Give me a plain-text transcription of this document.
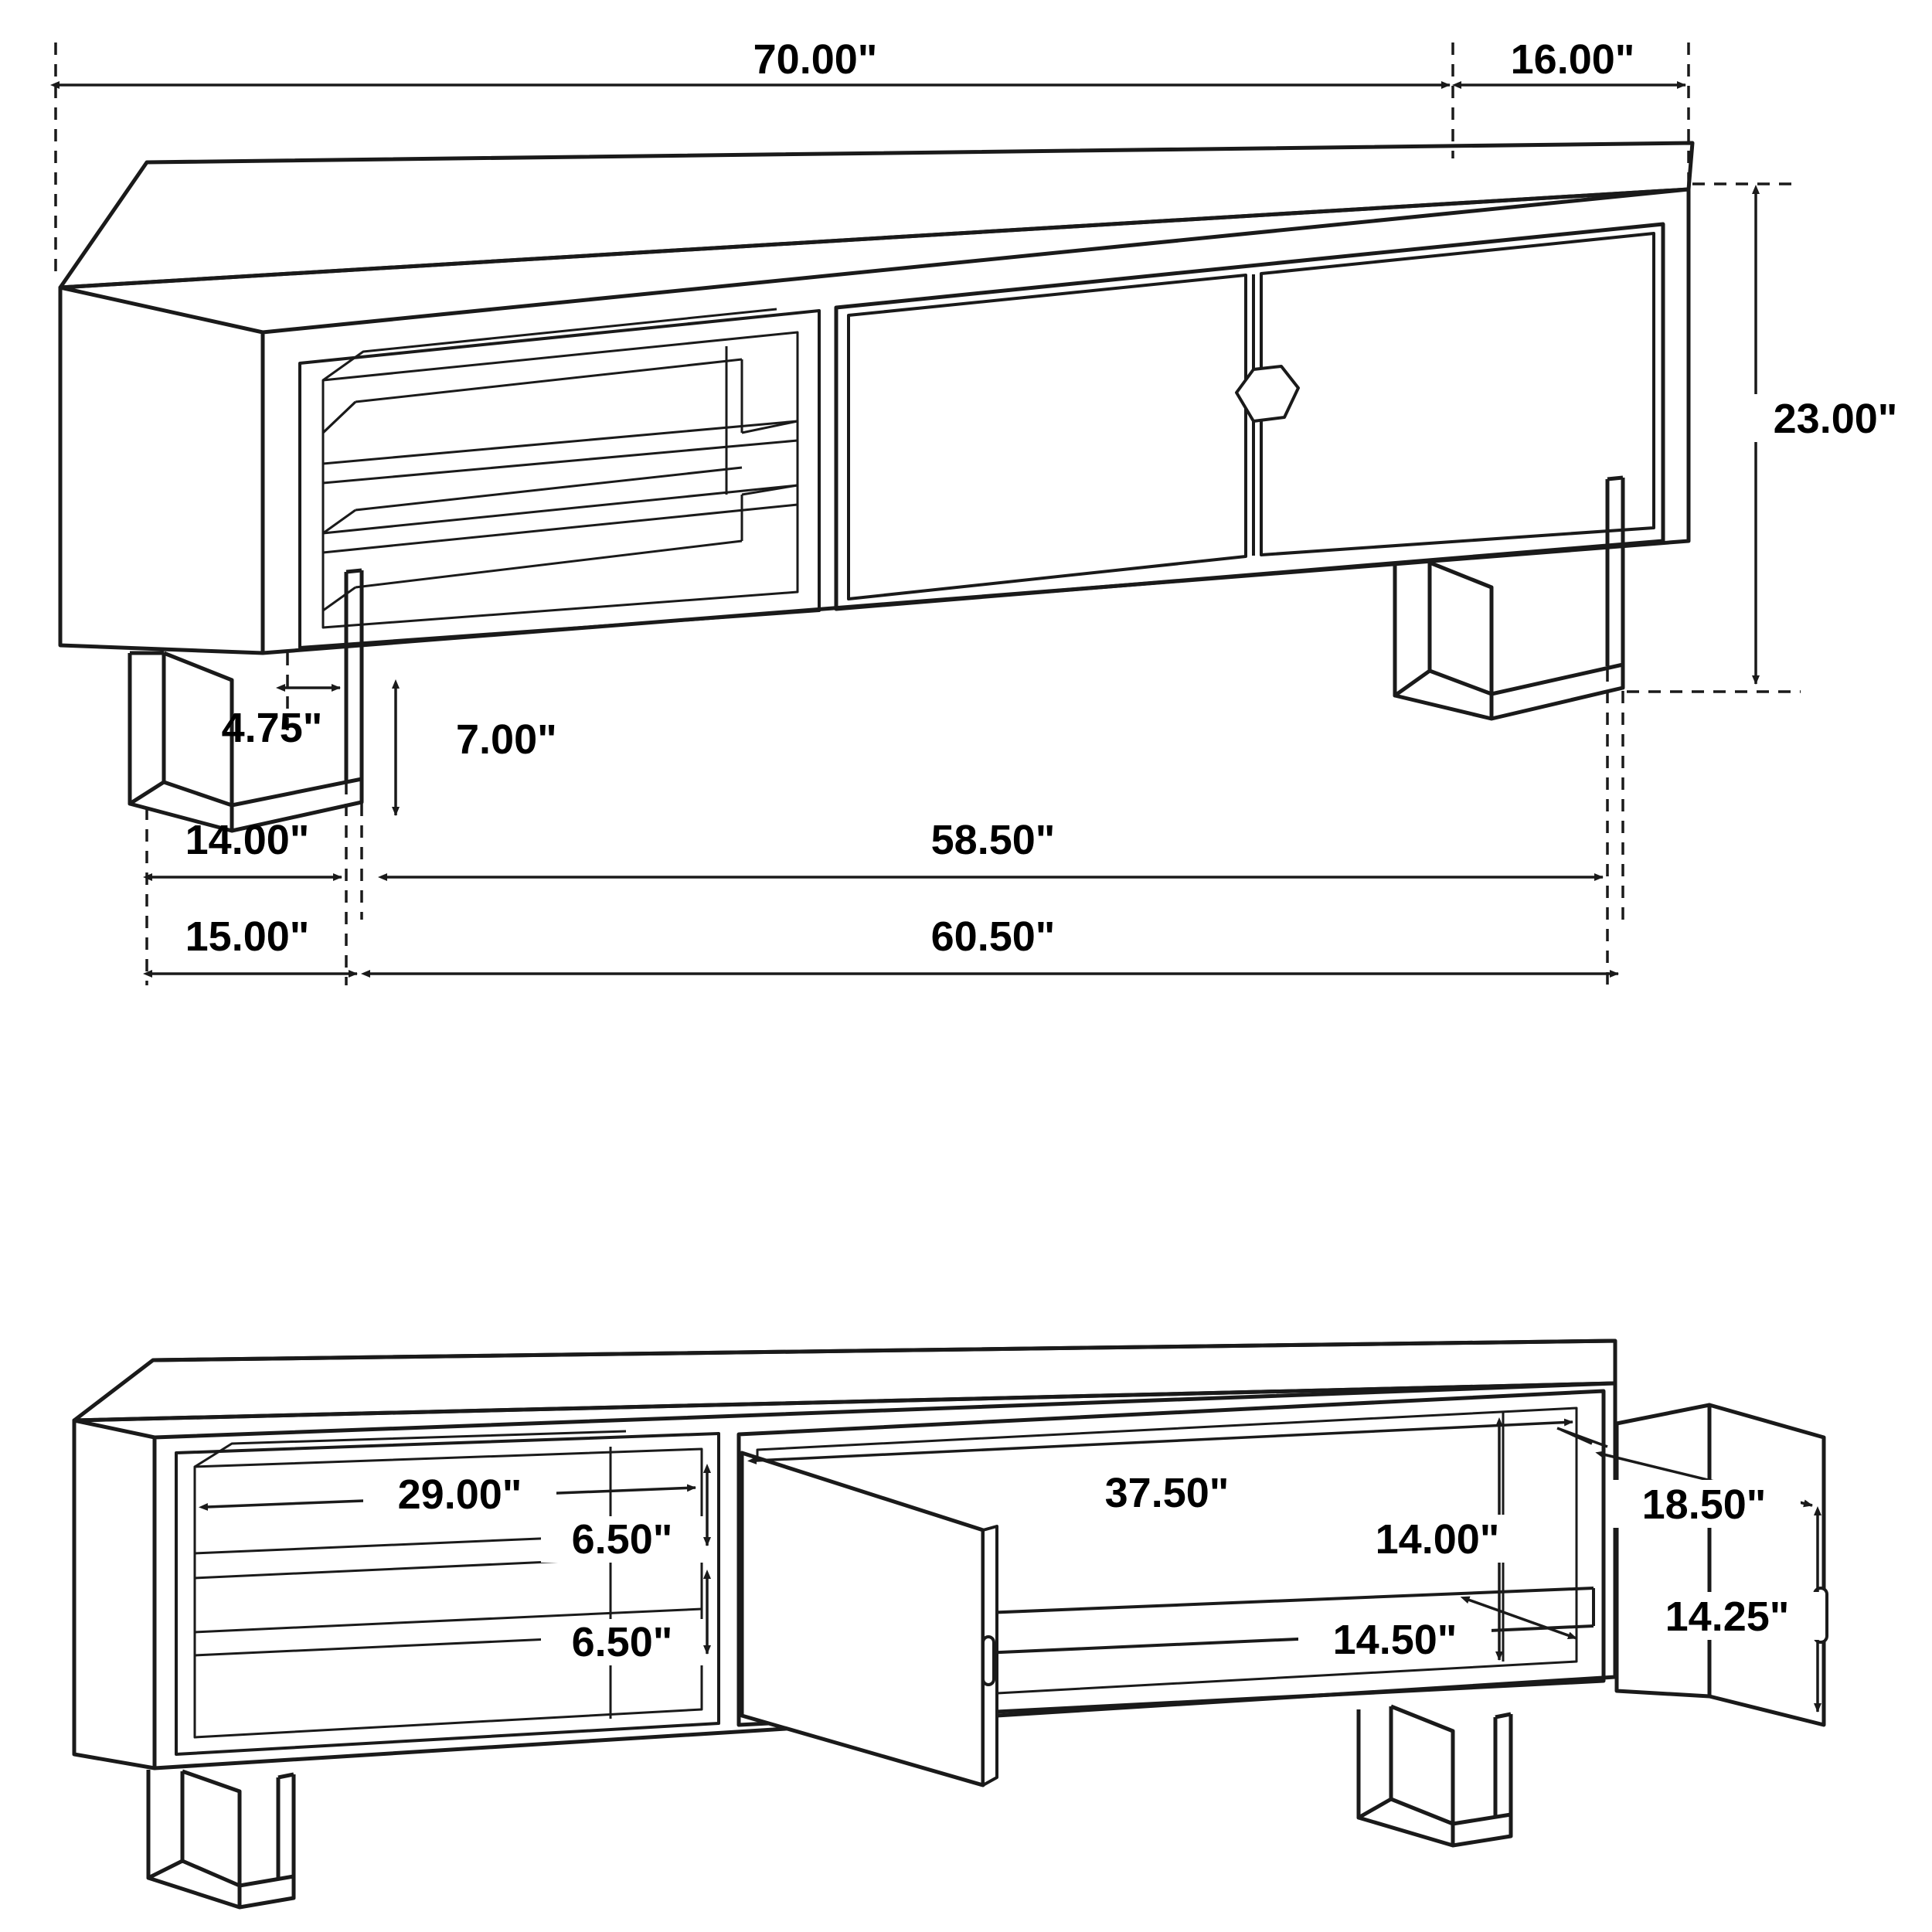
70.00"	16.00"
23.00"
4.75"	7.00"
14.00"	58.50"
15.00"	60.50"
29.00"
6.50"
6.50"
37.50"
14.00"
14.50"
18.50"
14.25"
